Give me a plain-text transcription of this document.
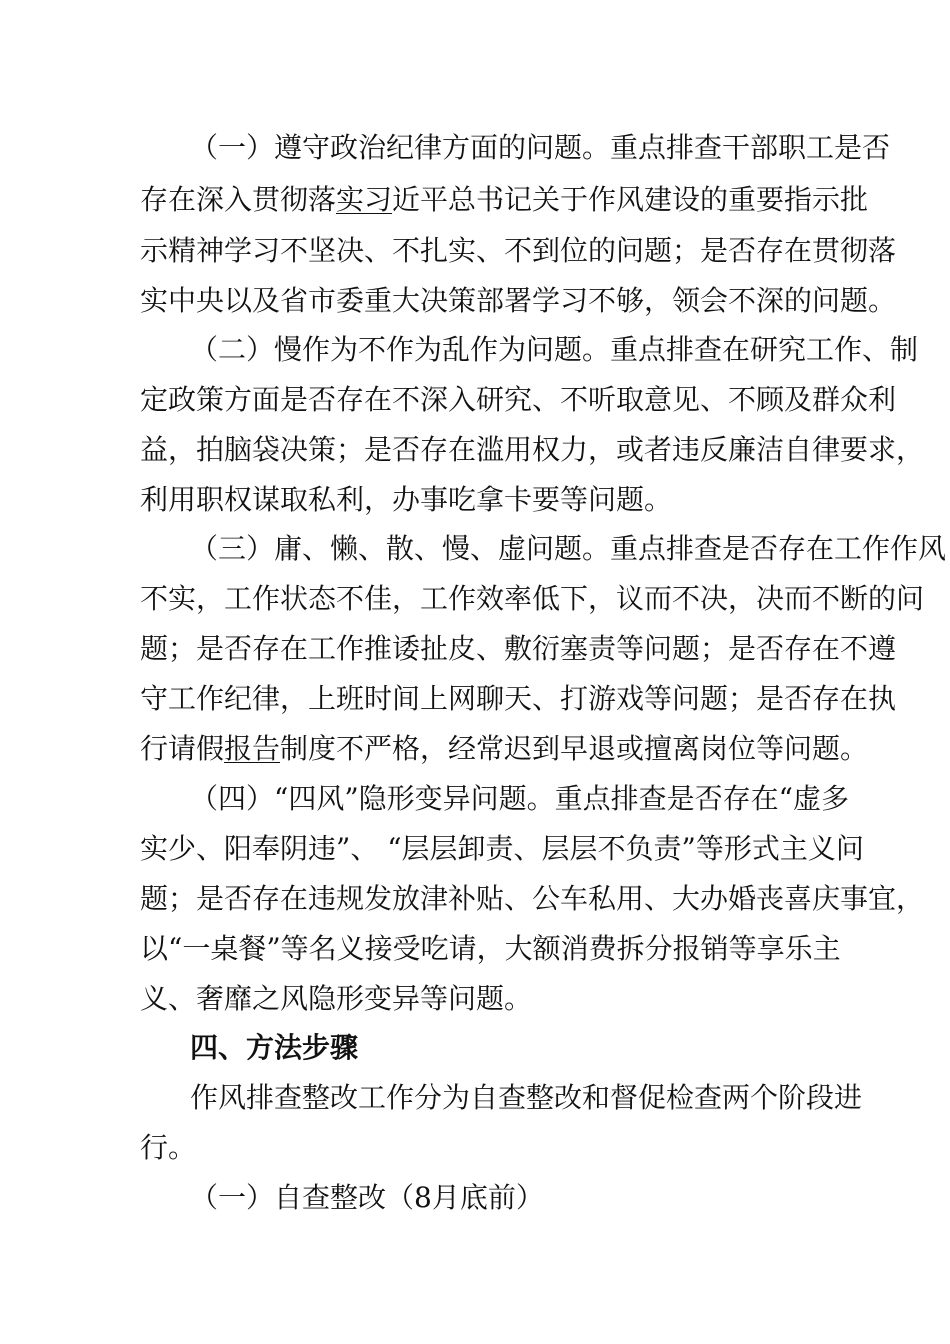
（一）遵守政治纪律方面的问题。重点排查干部职工是否
存在深入贯彻落实习近平总书记关于作风建设的重要指示批
示精神学习不坚决、不扎实、不到位的问题；是否存在贯彻落
实中央以及省市委重大决策部署学习不够，领会不深的问题。
（二）慢作为不作为乱作为问题。重点排查在研究工作、制
定政策方面是否存在不深入研究、不听取意见、不顾及群众利
益，拍脑袋决策；是否存在滥用权力，或者违反廉洁自律要求，
利用职权谋取私利，办事吃拿卡要等问题。
（三）庸、懒、散、慢、虚问题。重点排查是否存在工作作风
不实，工作状态不佳，工作效率低下，议而不决，决而不断的问
题；是否存在工作推诿扯皮、敷衍塞责等问题；是否存在不遵
守工作纪律，上班时间上网聊天、打游戏等问题；是否存在执
行请假报告制度不严格，经常迟到早退或擅离岗位等问题。
（四）“四风”隐形变异问题。重点排查是否存在“虚多
实少、阳奉阴违”、 “层层卸责、层层不负责”等形式主义问
题；是否存在违规发放津补贴、公车私用、大办婚丧喜庆事宜，
以“一桌餐”等名义接受吃请，大额消费拆分报销等享乐主
义、奢靡之风隐形变异等问题。
四、方法步骤
作风排查整改工作分为自查整改和督促检查两个阶段进
行。
（一）自查整改（8月底前）
